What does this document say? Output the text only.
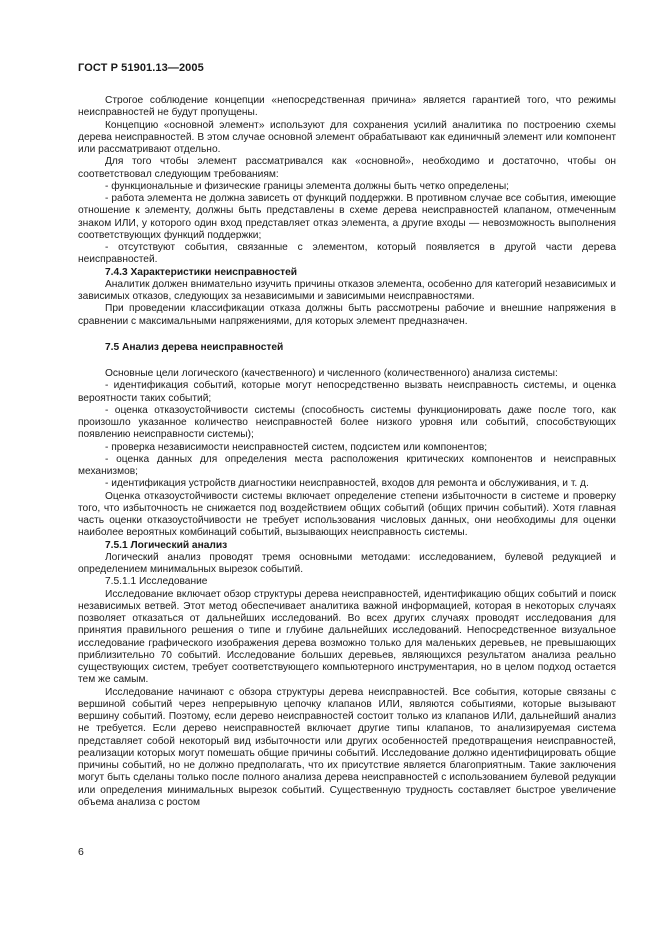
ГОСТ Р 51901.13—2005

Строгое соблюдение концепции «непосредственная причина» является гарантией того, что режимы неисправностей не будут пропущены.

Концепцию «основной элемент» используют для сохранения усилий аналитика по построению схемы дерева неисправностей. В этом случае основной элемент обрабатывают как единичный элемент или компонент или рассматривают отдельно.

Для того чтобы элемент рассматривался как «основной», необходимо и достаточно, чтобы он соответствовал следующим требованиям:

- функциональные и физические границы элемента должны быть четко определены;

- работа элемента не должна зависеть от функций поддержки. В противном случае все события, имеющие отношение к элементу, должны быть представлены в схеме дерева неисправностей клапаном, отмеченным знаком ИЛИ, у которого один вход представляет отказ элемента, а другие входы — невозможность выполнения соответствующих функций поддержки;

- отсутствуют события, связанные с элементом, который появляется в другой части дерева неисправностей.

7.4.3 Характеристики неисправностей

Аналитик должен внимательно изучить причины отказов элемента, особенно для категорий независимых и зависимых отказов, следующих за независимыми и зависимыми неисправностями.

При проведении классификации отказа должны быть рассмотрены рабочие и внешние напряжения в сравнении с максимальными напряжениями, для которых элемент предназначен.

7.5 Анализ дерева неисправностей

Основные цели логического (качественного) и численного (количественного) анализа системы:

- идентификация событий, которые могут непосредственно вызвать неисправность системы, и оценка вероятности таких событий;

- оценка отказоустойчивости системы (способность системы функционировать даже после того, как произошло указанное количество неисправностей более низкого уровня или событий, способствующих появлению неисправности системы);

- проверка независимости неисправностей систем, подсистем или компонентов;

- оценка данных для определения места расположения критических компонентов и неисправных механизмов;

- идентификация устройств диагностики неисправностей, входов для ремонта и обслуживания, и т. д.

Оценка отказоустойчивости системы включает определение степени избыточности в системе и проверку того, что избыточность не снижается под воздействием общих событий (общих причин событий). Хотя главная часть оценки отказоустойчивости не требует использования числовых данных, они необходимы для оценки наиболее вероятных комбинаций событий, вызывающих неисправность системы.

7.5.1 Логический анализ

Логический анализ проводят тремя основными методами: исследованием, булевой редукцией и определением минимальных вырезок событий.

7.5.1.1 Исследование

Исследование включает обзор структуры дерева неисправностей, идентификацию общих событий и поиск независимых ветвей. Этот метод обеспечивает аналитика важной информацией, которая в некоторых случаях позволяет отказаться от дальнейших исследований. Во всех других случаях проводят исследования для принятия правильного решения о типе и глубине дальнейших исследований. Непосредственное визуальное исследование графического изображения дерева возможно только для маленьких деревьев, не превышающих приблизительно 70 событий. Исследование больших деревьев, являющихся результатом анализа реально существующих систем, требует соответствующего компьютерного инструментария, но в целом подход остается тем же самым.

Исследование начинают с обзора структуры дерева неисправностей. Все события, которые связаны с вершиной событий через непрерывную цепочку клапанов ИЛИ, являются событиями, которые вызывают вершину событий. Поэтому, если дерево неисправностей состоит только из клапанов ИЛИ, дальнейший анализ не требуется. Если дерево неисправностей включает другие типы клапанов, то анализируемая система представляет собой некоторый вид избыточности или других особенностей предотвращения неисправностей, реализации которых могут помешать общие причины событий. Исследование должно идентифицировать общие причины событий, но не должно предполагать, что их присутствие является благоприятным. Такие заключения могут быть сделаны только после полного анализа дерева неисправностей с использованием булевой редукции или определения минимальных вырезок событий. Существенную трудность составляет быстрое увеличение объема анализа с ростом

6
